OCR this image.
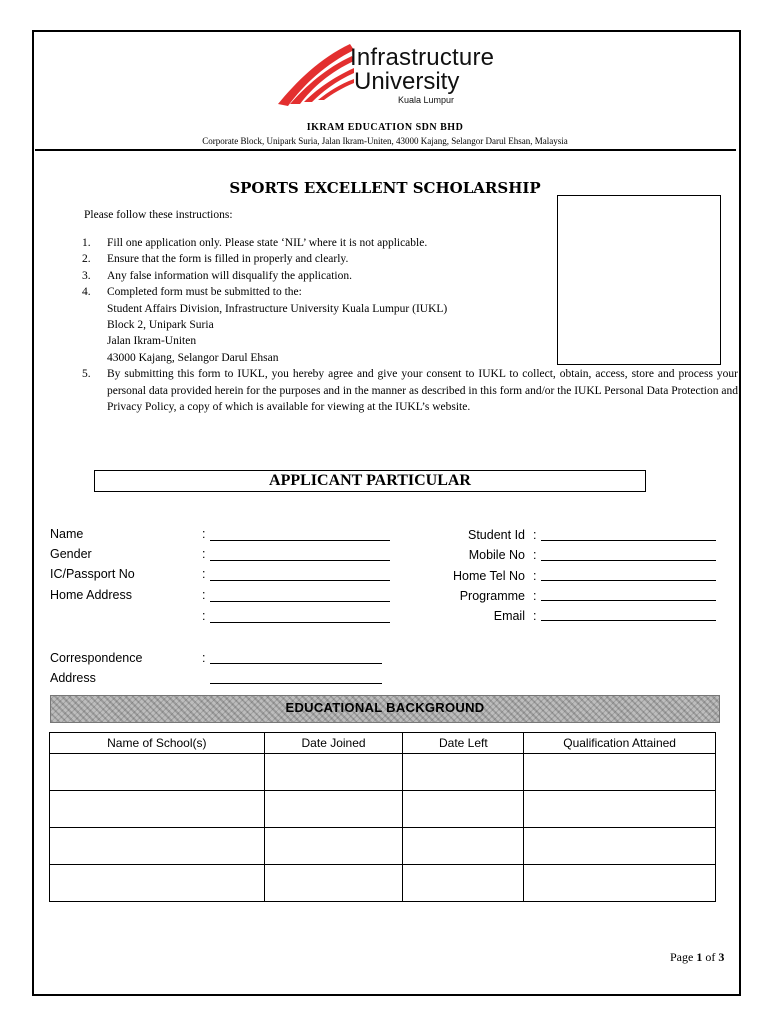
Infrastructure
University
Kuala Lumpur
IKRAM EDUCATION SDN BHD
Corporate Block, Unipark Suria, Jalan Ikram-Uniten, 43000 Kajang, Selangor Darul Ehsan, Malaysia
SPORTS EXCELLENT SCHOLARSHIP
Please follow these instructions:
1. Fill one application only. Please state ‘NIL’ where it is not applicable.
2. Ensure that the form is filled in properly and clearly.
3. Any false information will disqualify the application.
4. Completed form must be submitted to the:
Student Affairs Division, Infrastructure University Kuala Lumpur (IUKL)
Block 2, Unipark Suria
Jalan Ikram-Uniten
43000 Kajang, Selangor Darul Ehsan
5. By submitting this form to IUKL, you hereby agree and give your consent to IUKL to collect, obtain, access, store and process your personal data provided herein for the purposes and in the manner as described in this form and/or the IUKL Personal Data Protection and Privacy Policy, a copy of which is available for viewing at the IUKL’s website.
APPLICANT PARTICULAR
Name	:
Gender	:
IC/Passport No	:
Home Address	:
:
Student Id :
Mobile No :
Home Tel No :
Programme :
Email :
Correspondence	:
Address
EDUCATIONAL BACKGROUND
Name of School(s)	Date Joined	Date Left	Qualification Attained

Page 1 of 3
